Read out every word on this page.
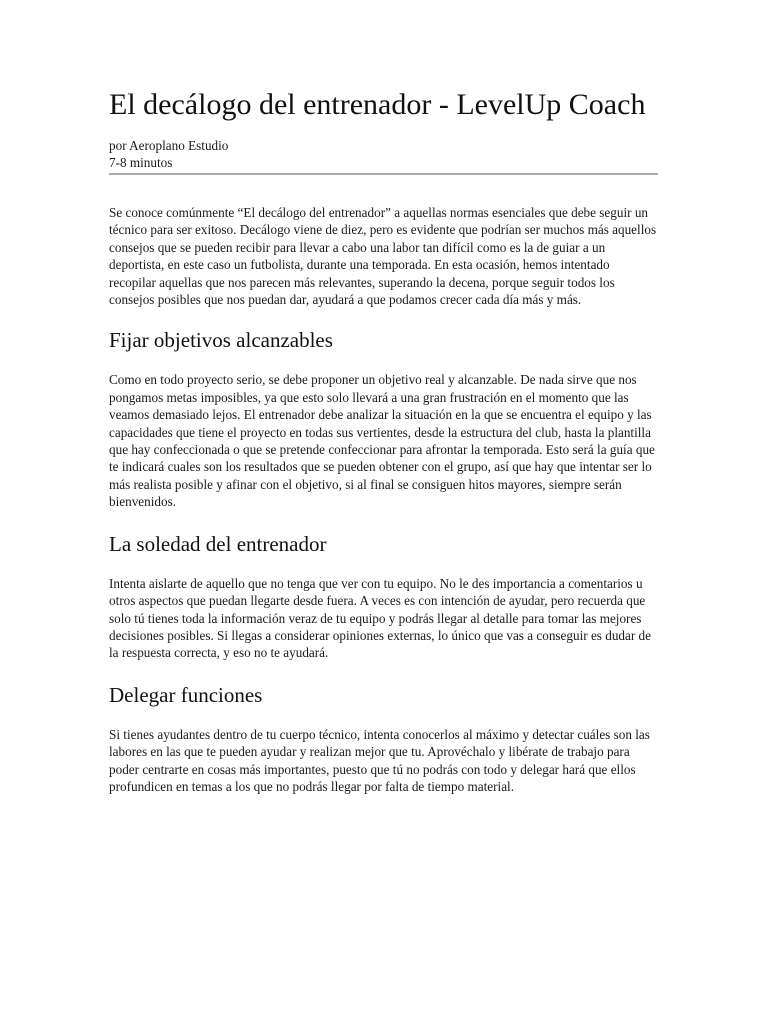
El decálogo del entrenador - LevelUp Coach
por Aeroplano Estudio
7-8 minutos

Se conoce comúnmente “El decálogo del entrenador” a aquellas normas esenciales que debe seguir un técnico para ser exitoso. Decálogo viene de diez, pero es evidente que podrían ser muchos más aquellos consejos que se pueden recibir para llevar a cabo una labor tan difícil como es la de guiar a un deportista, en este caso un futbolista, durante una temporada. En esta ocasión, hemos intentado recopilar aquellas que nos parecen más relevantes, superando la decena, porque seguir todos los consejos posibles que nos puedan dar, ayudará a que podamos crecer cada día más y más.

Fijar objetivos alcanzables

Como en todo proyecto serio, se debe proponer un objetivo real y alcanzable. De nada sirve que nos pongamos metas imposibles, ya que esto solo llevará a una gran frustración en el momento que las veamos demasiado lejos. El entrenador debe analizar la situación en la que se encuentra el equipo y las capacidades que tiene el proyecto en todas sus vertientes, desde la estructura del club, hasta la plantilla que hay confeccionada o que se pretende confeccionar para afrontar la temporada. Esto será la guía que te indicará cuales son los resultados que se pueden obtener con el grupo, así que hay que intentar ser lo más realista posible y afinar con el objetivo, si al final se consiguen hitos mayores, siempre serán bienvenidos.

La soledad del entrenador

Intenta aislarte de aquello que no tenga que ver con tu equipo. No le des importancia a comentarios u otros aspectos que puedan llegarte desde fuera. A veces es con intención de ayudar, pero recuerda que solo tú tienes toda la información veraz de tu equipo y podrás llegar al detalle para tomar las mejores decisiones posibles. Si llegas a considerar opiniones externas, lo único que vas a conseguir es dudar de la respuesta correcta, y eso no te ayudará.

Delegar funciones

Si tienes ayudantes dentro de tu cuerpo técnico, intenta conocerlos al máximo y detectar cuáles son las labores en las que te pueden ayudar y realizan mejor que tu. Aprovéchalo y libérate de trabajo para poder centrarte en cosas más importantes, puesto que tú no podrás con todo y delegar hará que ellos profundicen en temas a los que no podrás llegar por falta de tiempo material.
